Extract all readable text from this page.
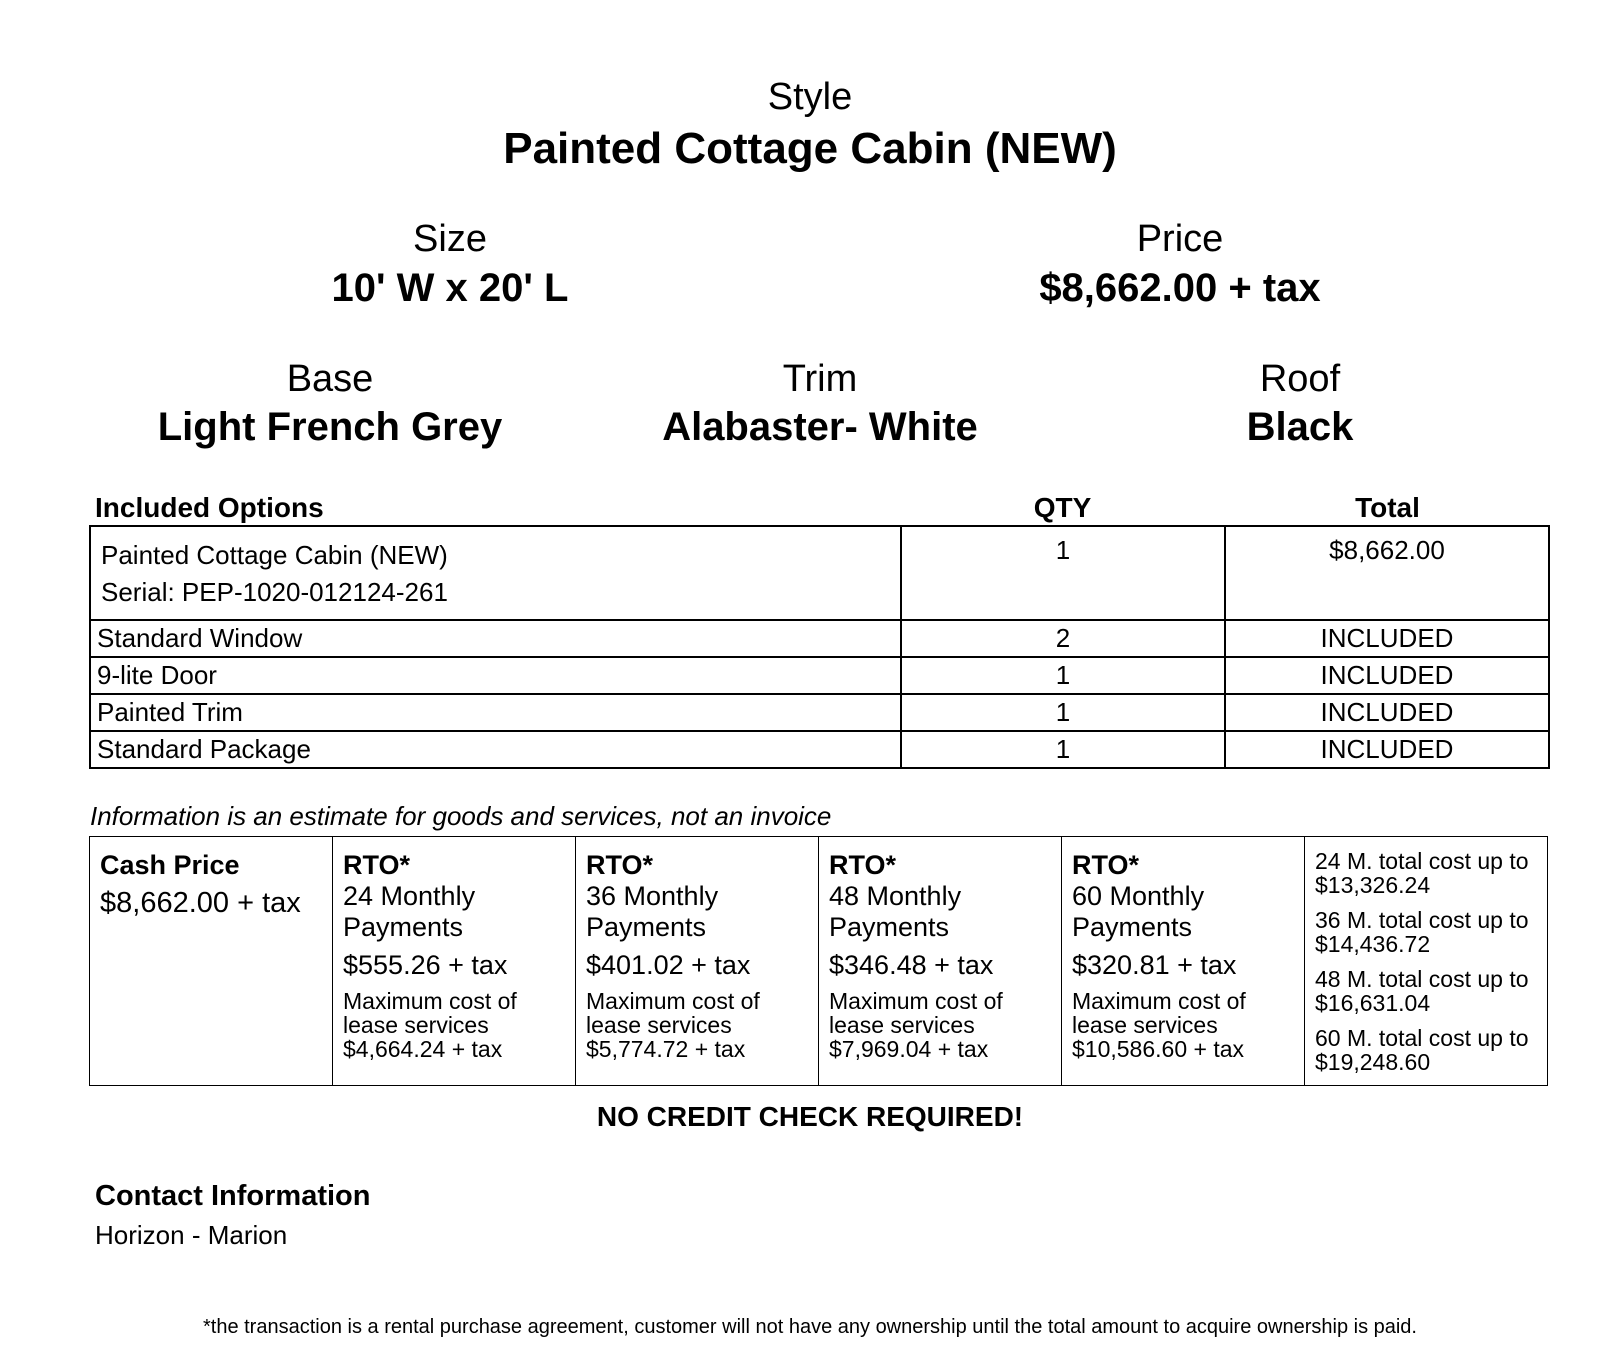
Style
Painted Cottage Cabin (NEW)
Size
10' W x 20' L
Price
$8,662.00 + tax
Base
Light French Grey
Trim
Alabaster- White
Roof
Black
Included Options	QTY	Total
Painted Cottage Cabin (NEW)
Serial: PEP-1020-012124-261	1	$8,662.00
Standard Window	2	INCLUDED
9-lite Door	1	INCLUDED
Painted Trim	1	INCLUDED
Standard Package	1	INCLUDED
Information is an estimate for goods and services, not an invoice
Cash Price
$8,662.00 + tax

RTO*
24 Monthly Payments
$555.26 + tax
Maximum cost of lease services
$4,664.24 + tax

RTO*
36 Monthly Payments
$401.02 + tax
Maximum cost of lease services
$5,774.72 + tax

RTO*
48 Monthly Payments
$346.48 + tax
Maximum cost of lease services
$7,969.04 + tax

RTO*
60 Monthly Payments
$320.81 + tax
Maximum cost of lease services
$10,586.60 + tax

24 M. total cost up to $13,326.24
36 M. total cost up to $14,436.72
48 M. total cost up to $16,631.04
60 M. total cost up to $19,248.60
NO CREDIT CHECK REQUIRED!
Contact Information
Horizon - Marion
*the transaction is a rental purchase agreement, customer will not have any ownership until the total amount to acquire ownership is paid.
